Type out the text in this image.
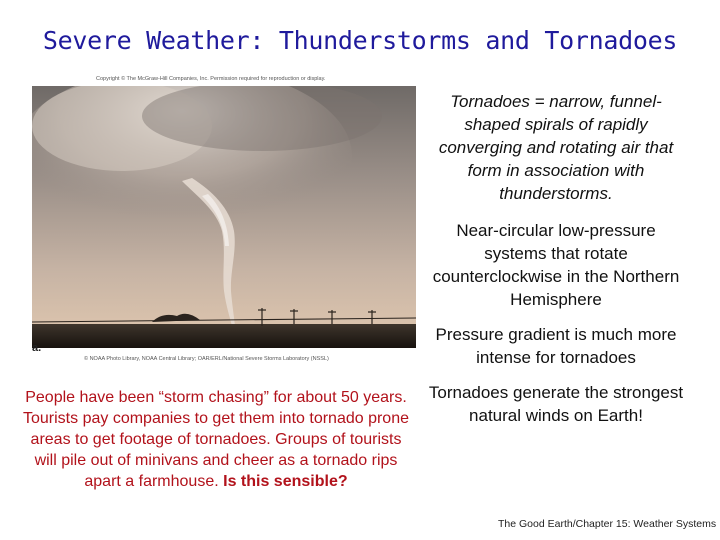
Severe Weather: Thunderstorms and Tornadoes
Copyright © The McGraw-Hill Companies, Inc. Permission required for reproduction or display.
a.
© NOAA Photo Library, NOAA Central Library; OAR/ERL/National Severe Storms Laboratory (NSSL)
Tornadoes = narrow, funnel-shaped spirals of rapidly converging and rotating air that form in association with thunderstorms.
Near-circular low-pressure systems that rotate counterclockwise in the Northern Hemisphere
Pressure gradient is much more intense for tornadoes
Tornadoes generate the strongest natural winds on Earth!
People have been “storm chasing” for about 50 years. Tourists pay companies to get them into tornado prone areas to get footage of tornadoes. Groups of tourists will pile out of minivans and cheer as a tornado rips apart a farmhouse. Is this sensible?
The Good Earth/Chapter 15: Weather Systems
